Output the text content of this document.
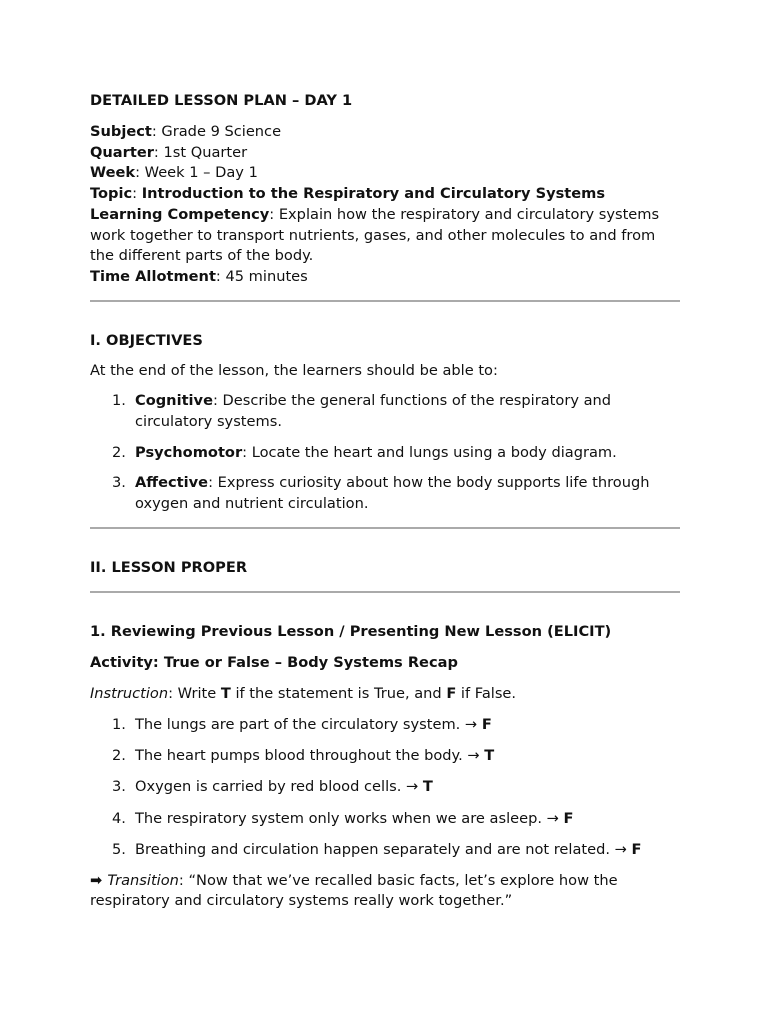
DETAILED LESSON PLAN – DAY 1

Subject: Grade 9 Science

Quarter: 1st Quarter

Week: Week 1 – Day 1

Topic: Introduction to the Respiratory and Circulatory Systems

Learning Competency: Explain how the respiratory and circulatory systems work together to transport nutrients, gases, and other molecules to and from the different parts of the body.

Time Allotment: 45 minutes

I. OBJECTIVES

At the end of the lesson, the learners should be able to:

1. Cognitive: Describe the general functions of the respiratory and circulatory systems.
2. Psychomotor: Locate the heart and lungs using a body diagram.
3. Affective: Express curiosity about how the body supports life through oxygen and nutrient circulation.
II. LESSON PROPER
1. Reviewing Previous Lesson / Presenting New Lesson (ELICIT)
Activity: True or False – Body Systems Recap

Instruction: Write T if the statement is True, and F if False.

1. The lungs are part of the circulatory system. → F
2. The heart pumps blood throughout the body. → T
3. Oxygen is carried by red blood cells. → T
4. The respiratory system only works when we are asleep. → F
5. Breathing and circulation happen separately and are not related. → F

➡ Transition: “Now that we’ve recalled basic facts, let’s explore how the respiratory and circulatory systems really work together.”
